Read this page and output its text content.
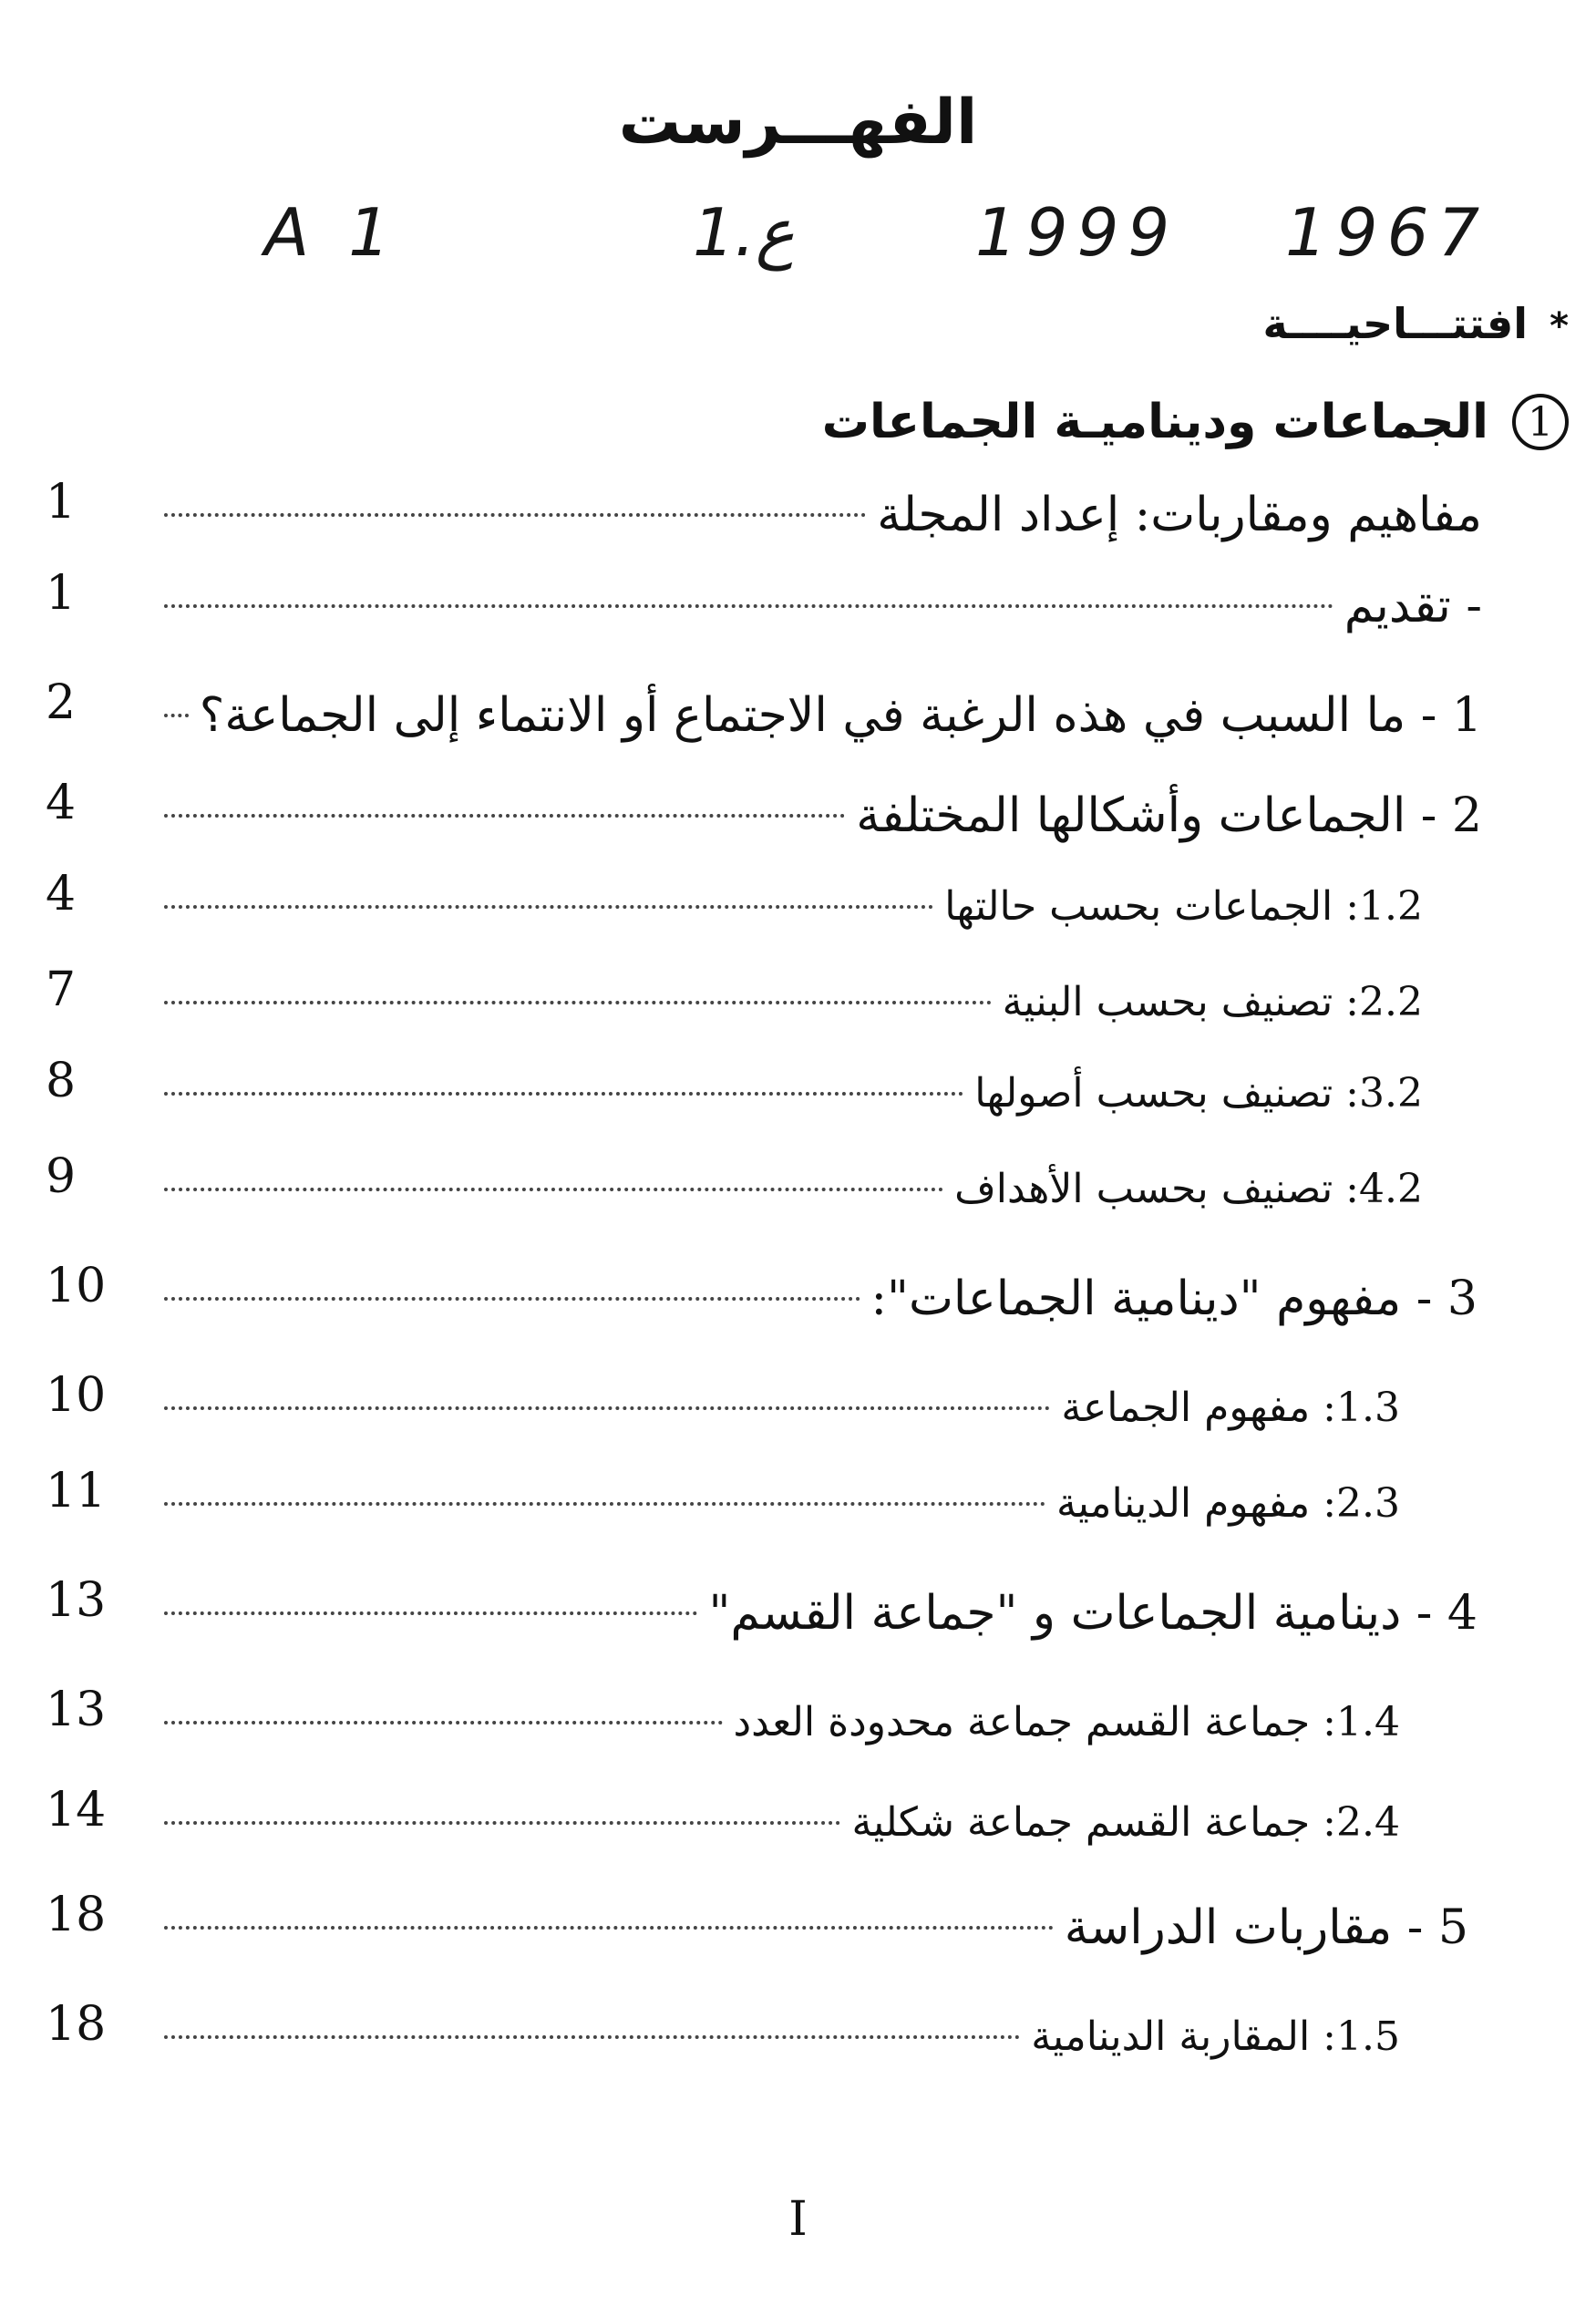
الفهـــرست
A 1	1.ع	1999 1967
* افتتـــاحيــــة
1
الجماعات وديناميـة الجماعات
1	مفاهيم ومقاربات: إعداد المجلة
1	- تقديم
2	1 - ما السبب في هذه الرغبة في الاجتماع أو الانتماء إلى الجماعة؟
4	2 - الجماعات وأشكالها المختلفة
4	1.2: الجماعات بحسب حالتها
7	2.2: تصنيف بحسب البنية
8	3.2: تصنيف بحسب أصولها
9	4.2: تصنيف بحسب الأهداف
10	3 - مفهوم "دينامية الجماعات":
10	1.3: مفهوم الجماعة
11	2.3: مفهوم الدينامية
13	4 - دينامية الجماعات و "جماعة القسم"
13	1.4: جماعة القسم جماعة محدودة العدد
14	2.4: جماعة القسم جماعة شكلية
18	5 - مقاربات الدراسة
18	1.5: المقاربة الدينامية
I
